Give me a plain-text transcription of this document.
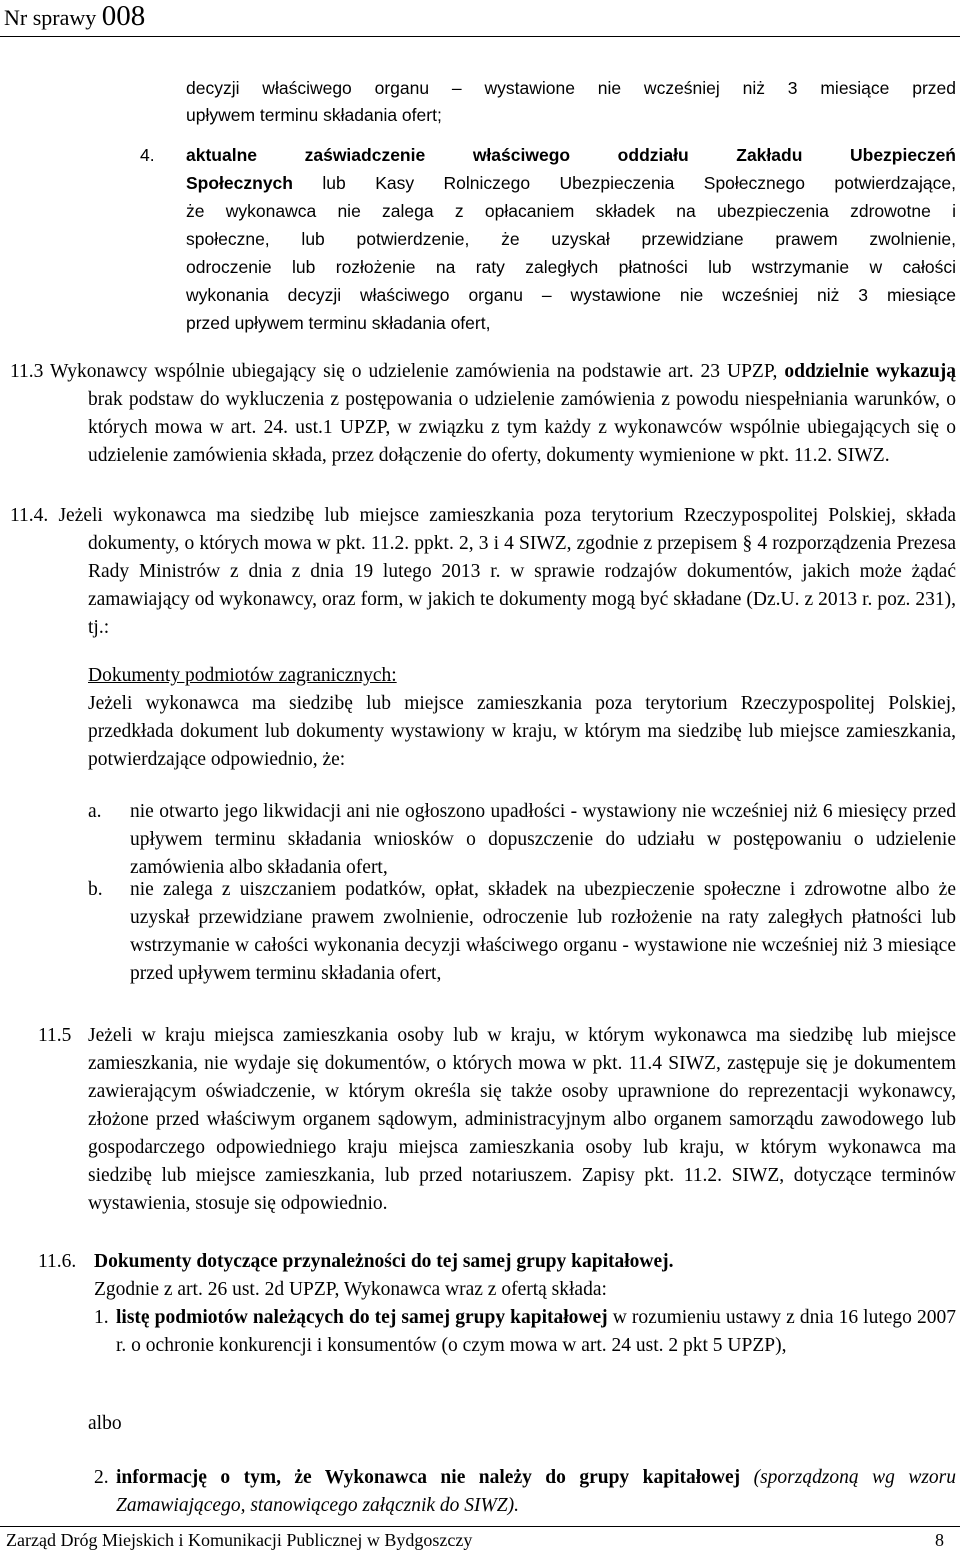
Nr sprawy 008
decyzji właściwego organu – wystawione nie wcześniej niż 3 miesiące przed
upływem terminu składania ofert;
4. aktualne zaświadczenie właściwego oddziału Zakładu Ubezpieczeń
Społecznych lub Kasy Rolniczego Ubezpieczenia Społecznego potwierdzające,
że wykonawca nie zalega z opłacaniem składek na ubezpieczenia zdrowotne i
społeczne, lub potwierdzenie, że uzyskał przewidziane prawem zwolnienie,
odroczenie lub rozłożenie na raty zaległych płatności lub wstrzymanie w całości
wykonania decyzji właściwego organu – wystawione nie wcześniej niż 3 miesiące
przed upływem terminu składania ofert,
11.3 Wykonawcy wspólnie ubiegający się o udzielenie zamówienia na podstawie art. 23 UPZP, oddzielnie wykazują brak podstaw do wykluczenia z postępowania o udzielenie zamówienia z powodu niespełniania warunków, o których mowa w art. 24. ust.1 UPZP, w związku z tym każdy z wykonawców wspólnie ubiegających się o udzielenie zamówienia składa, przez dołączenie do oferty, dokumenty wymienione w pkt. 11.2. SIWZ.
11.4. Jeżeli wykonawca ma siedzibę lub miejsce zamieszkania poza terytorium Rzeczypospolitej Polskiej, składa dokumenty, o których mowa w pkt. 11.2. ppkt. 2, 3 i 4 SIWZ, zgodnie z przepisem § 4 rozporządzenia Prezesa Rady Ministrów z dnia z dnia 19 lutego 2013 r. w sprawie rodzajów dokumentów, jakich może żądać zamawiający od wykonawcy, oraz form, w jakich te dokumenty mogą być składane (Dz.U. z 2013 r. poz. 231), tj.:
Dokumenty podmiotów zagranicznych:
Jeżeli wykonawca ma siedzibę lub miejsce zamieszkania poza terytorium Rzeczypospolitej Polskiej, przedkłada dokument lub dokumenty wystawiony w kraju, w którym ma siedzibę lub miejsce zamieszkania, potwierdzające odpowiednio, że:
a. nie otwarto jego likwidacji ani nie ogłoszono upadłości - wystawiony nie wcześniej niż 6 miesięcy przed upływem terminu składania wniosków o dopuszczenie do udziału w postępowaniu o udzielenie zamówienia albo składania ofert,
b. nie zalega z uiszczaniem podatków, opłat, składek na ubezpieczenie społeczne i zdrowotne albo że uzyskał przewidziane prawem zwolnienie, odroczenie lub rozłożenie na raty zaległych płatności lub wstrzymanie w całości wykonania decyzji właściwego organu - wystawione nie wcześniej niż 3 miesiące przed upływem terminu składania ofert,
11.5 Jeżeli w kraju miejsca zamieszkania osoby lub w kraju, w którym wykonawca ma siedzibę lub miejsce zamieszkania, nie wydaje się dokumentów, o których mowa w pkt. 11.4 SIWZ, zastępuje się je dokumentem zawierającym oświadczenie, w którym określa się także osoby uprawnione do reprezentacji wykonawcy, złożone przed właściwym organem sądowym, administracyjnym albo organem samorządu zawodowego lub gospodarczego odpowiedniego kraju miejsca zamieszkania osoby lub kraju, w którym wykonawca ma siedzibę lub miejsce zamieszkania, lub przed notariuszem. Zapisy pkt. 11.2. SIWZ, dotyczące terminów wystawienia, stosuje się odpowiednio.
11.6. Dokumenty dotyczące przynależności do tej samej grupy kapitałowej.
Zgodnie z art. 26 ust. 2d UPZP, Wykonawca wraz z ofertą składa:
1. listę podmiotów należących do tej samej grupy kapitałowej w rozumieniu ustawy z dnia 16 lutego 2007 r. o ochronie konkurencji i konsumentów (o czym mowa w art. 24 ust. 2 pkt 5 UPZP),
albo
2. informację o tym, że Wykonawca nie należy do grupy kapitałowej (sporządzoną wg wzoru Zamawiającego, stanowiącego załącznik do SIWZ).
Zarząd Dróg Miejskich i Komunikacji Publicznej w Bydgoszczy	8
